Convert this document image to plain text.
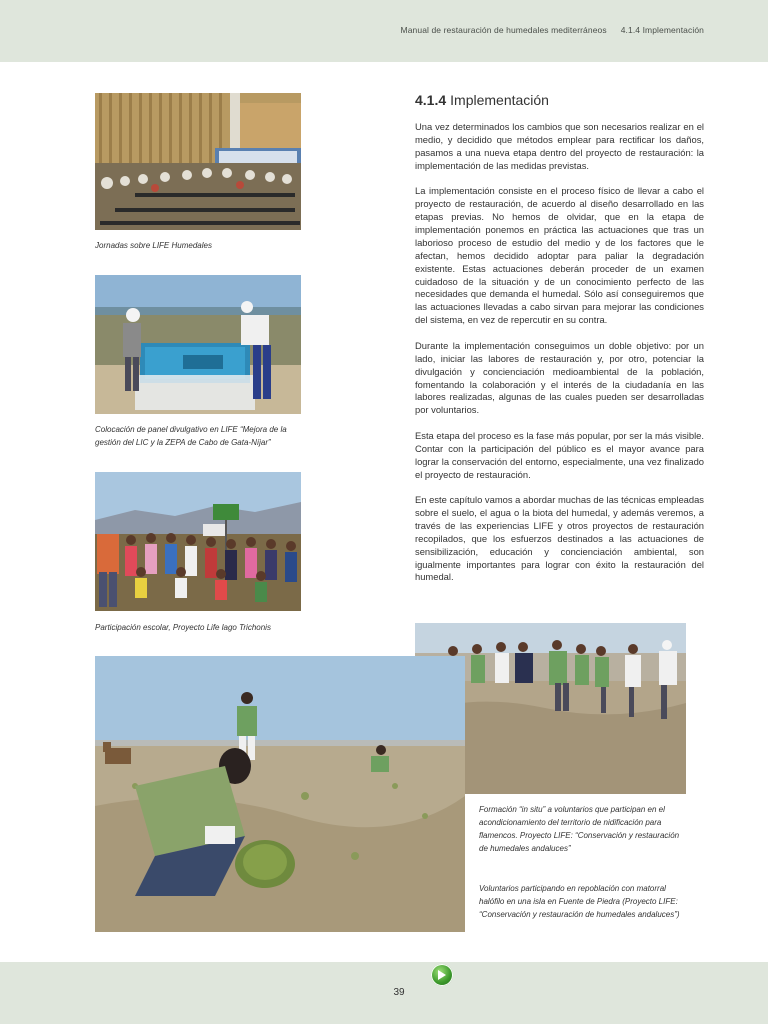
Manual de restauración de humedales mediterráneos 4.1.4 Implementación
Jornadas sobre LIFE Humedales
Colocación de panel divulgativo en LIFE “Mejora de la gestión del LIC y la ZEPA de Cabo de Gata-Níjar”
Participación escolar, Proyecto Life lago Trichonis
Formación “in situ” a voluntarios que participan en el acondicionamiento del territorio de nidificación para flamencos. Proyecto LIFE: “Conservación y restauración de humedales andaluces”
Voluntarios participando en repoblación con matorral halófilo en una isla en Fuente de Piedra (Proyecto LIFE: “Conservación y restauración de humedales andaluces”)
4.1.4 Implementación

Una vez determinados los cambios que son necesarios realizar en el medio, y decidido que métodos emplear para rectificar los daños, pasamos a una nueva etapa dentro del proyecto de restauración: la implementación de las medidas previstas.

La implementación consiste en el proceso físico de llevar a cabo el proyecto de restauración, de acuerdo al diseño desarrollado en las etapas previas. No hemos de olvidar, que en la etapa de implementación ponemos en práctica las actuaciones que tras un laborioso proceso de estudio del medio y de los factores que le afectan, hemos decidido adoptar para paliar la degradación existente. Estas actuaciones deberán proceder de un examen cuidadoso de la situación y de un conocimiento perfecto de las necesidades que demanda el humedal. Sólo así conseguiremos que las actuaciones llevadas a cabo sirvan para mejorar las condiciones del sistema, en vez de repercutir en su contra.

Durante la implementación conseguimos un doble objetivo: por un lado, iniciar las labores de restauración y, por otro, potenciar la divulgación y concienciación medioambiental de la población, fomentando la colaboración y el interés de la ciudadanía en las labores realizadas, algunas de las cuales pueden ser desarrolladas por voluntarios.

Esta etapa del proceso es la fase más popular, por ser la más visible. Contar con la participación del público es el mayor avance para lograr la conservación del entorno, especialmente, una vez finalizado el proyecto de restauración.

En este capítulo vamos a abordar muchas de las técnicas empleadas sobre el suelo, el agua o la biota del humedal, y además veremos, a través de las experiencias LIFE y otros proyectos de restauración recopilados, que los esfuerzos destinados a las actuaciones de sensibilización, educación y concienciación ambiental, son igualmente importantes para lograr con éxito la restauración del humedal.

39
